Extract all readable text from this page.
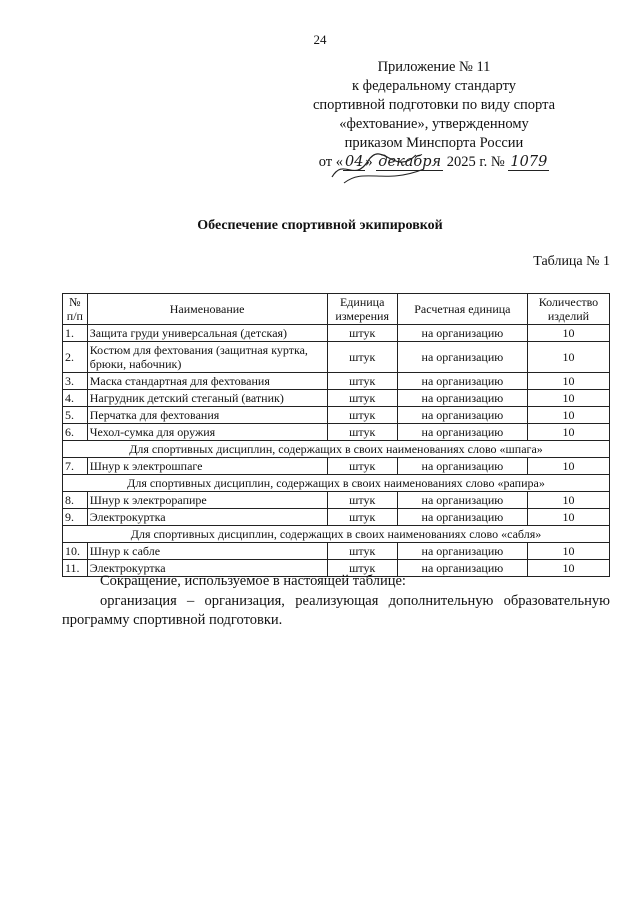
24
Приложение № 11
к федеральному стандарту
спортивной подготовки по виду спорта
«фехтование», утвержденному
приказом Минспорта России
от « 04 » декабря 2025 г. № 1079
Обеспечение спортивной экипировкой
Таблица № 1
№ п/п	Наименование	Единица измерения	Расчетная единица	Количество изделий
1.	Защита груди универсальная (детская)	штук	на организацию	10
2.	Костюм для фехтования (защитная куртка, брюки, набочник)	штук	на организацию	10
3.	Маска стандартная для фехтования	штук	на организацию	10
4.	Нагрудник детский стеганый (ватник)	штук	на организацию	10
5.	Перчатка для фехтования	штук	на организацию	10
6.	Чехол-сумка для оружия	штук	на организацию	10
Для спортивных дисциплин, содержащих в своих наименованиях слово «шпага»				
7.	Шнур к электрошпаге	штук	на организацию	10
Для спортивных дисциплин, содержащих в своих наименованиях слово «рапира»				
8.	Шнур к электрорапире	штук	на организацию	10
9.	Электрокуртка	штук	на организацию	10
Для спортивных дисциплин, содержащих в своих наименованиях слово «сабля»				
10.	Шнур к сабле	штук	на организацию	10
11.	Электрокуртка	штук	на организацию	10
Сокращение, используемое в настоящей таблице:
организация – организация, реализующая дополнительную образовательную программу спортивной подготовки.
